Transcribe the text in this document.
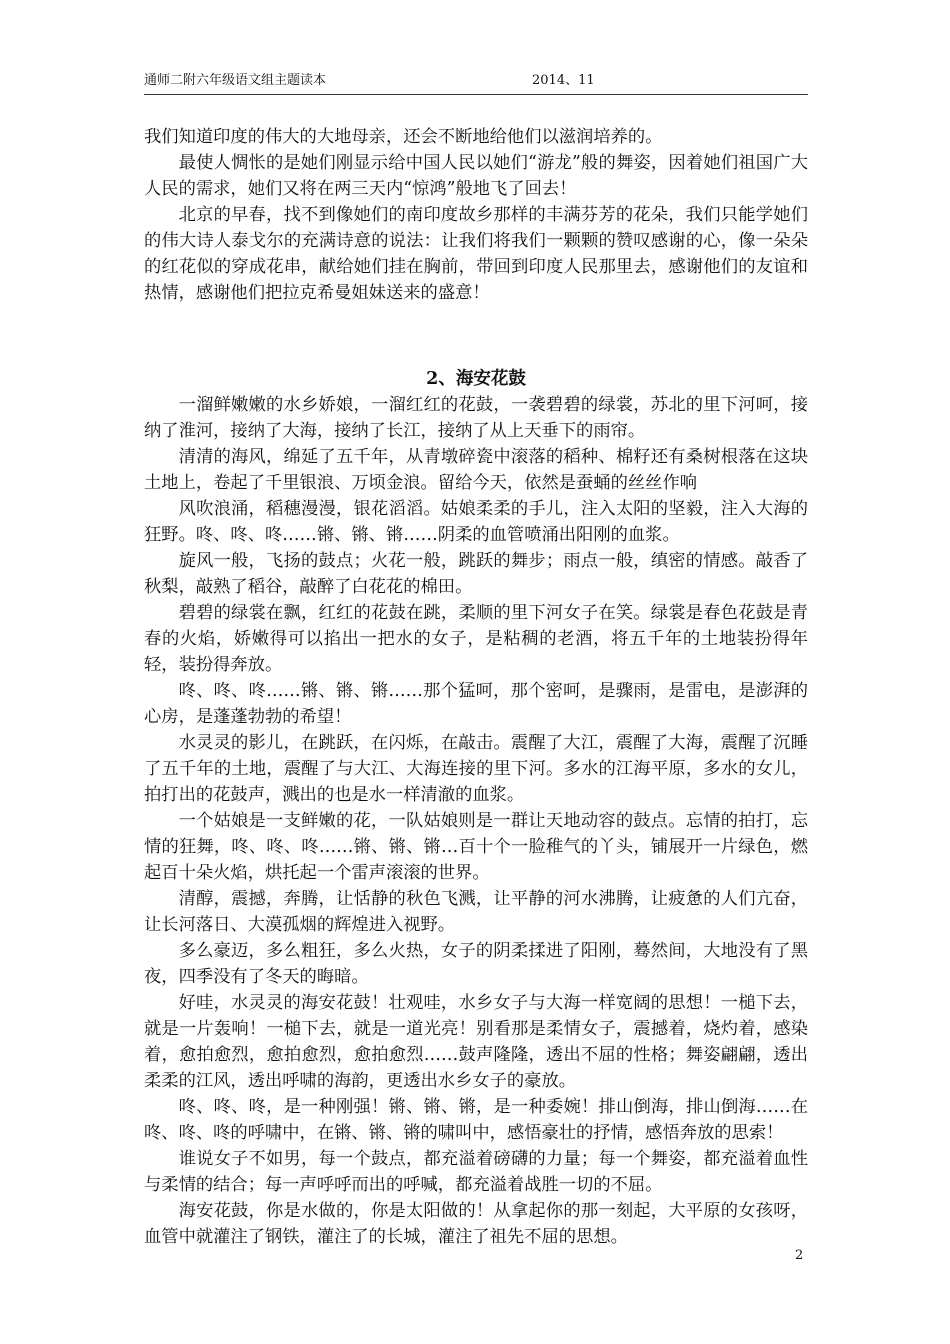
通师二附六年级语文组主题读本	2014、11

我们知道印度的伟大的大地母亲，还会不断地给他们以滋润培养的。

最使人惆怅的是她们刚显示给中国人民以她们“游龙”般的舞姿，因着她们祖国广大人民的需求，她们又将在两三天内“惊鸿”般地飞了回去！

北京的早春，找不到像她们的南印度故乡那样的丰满芬芳的花朵，我们只能学她们的伟大诗人泰戈尔的充满诗意的说法：让我们将我们一颗颗的赞叹感谢的心，像一朵朵的红花似的穿成花串，献给她们挂在胸前，带回到印度人民那里去，感谢他们的友谊和热情，感谢他们把拉克希曼姐妹送来的盛意！

2、海安花鼓

一溜鲜嫩嫩的水乡娇娘，一溜红红的花鼓，一袭碧碧的绿裳，苏北的里下河呵，接纳了淮河，接纳了大海，接纳了长江，接纳了从上天垂下的雨帘。

清清的海风，绵延了五千年，从青墩碎瓷中滚落的稻种、棉籽还有桑树根落在这块土地上，卷起了千里银浪、万顷金浪。留给今天，依然是蚕蛹的丝丝作响

风吹浪涌，稻穗漫漫，银花滔滔。姑娘柔柔的手儿，注入太阳的坚毅，注入大海的狂野。咚、咚、咚……锵、锵、锵……阴柔的血管喷涌出阳刚的血浆。

旋风一般，飞扬的鼓点；火花一般，跳跃的舞步；雨点一般，缜密的情感。敲香了秋梨，敲熟了稻谷，敲醉了白花花的棉田。

碧碧的绿裳在飘，红红的花鼓在跳，柔顺的里下河女子在笑。绿裳是春色花鼓是青春的火焰，娇嫩得可以掐出一把水的女子，是粘稠的老酒，将五千年的土地装扮得年轻，装扮得奔放。

咚、咚、咚……锵、锵、锵……那个猛呵，那个密呵，是骤雨，是雷电，是澎湃的心房，是蓬蓬勃勃的希望！

水灵灵的影儿，在跳跃，在闪烁，在敲击。震醒了大江，震醒了大海，震醒了沉睡了五千年的土地，震醒了与大江、大海连接的里下河。多水的江海平原，多水的女儿，拍打出的花鼓声，溅出的也是水一样清澈的血浆。

一个姑娘是一支鲜嫩的花，一队姑娘则是一群让天地动容的鼓点。忘情的拍打，忘情的狂舞，咚、咚、咚……锵、锵、锵…百十个一脸稚气的丫头，铺展开一片绿色，燃起百十朵火焰，烘托起一个雷声滚滚的世界。

清醇，震撼，奔腾，让恬静的秋色飞溅，让平静的河水沸腾，让疲惫的人们亢奋，让长河落日、大漠孤烟的辉煌进入视野。

多么豪迈，多么粗狂，多么火热，女子的阴柔揉进了阳刚，蓦然间，大地没有了黑夜，四季没有了冬天的晦暗。

好哇，水灵灵的海安花鼓！壮观哇，水乡女子与大海一样宽阔的思想！一槌下去，就是一片轰响！一槌下去，就是一道光亮！别看那是柔情女子，震撼着，烧灼着，感染着，愈拍愈烈，愈拍愈烈，愈拍愈烈……鼓声隆隆，透出不屈的性格；舞姿翩翩，透出柔柔的江风，透出呼啸的海韵，更透出水乡女子的豪放。

咚、咚、咚，是一种刚强！锵、锵、锵，是一种委婉！排山倒海，排山倒海……在咚、咚、咚的呼啸中，在锵、锵、锵的啸叫中，感悟豪壮的抒情，感悟奔放的思索！

谁说女子不如男，每一个鼓点，都充溢着磅礴的力量；每一个舞姿，都充溢着血性与柔情的结合；每一声呼呼而出的呼喊，都充溢着战胜一切的不屈。

海安花鼓，你是水做的，你是太阳做的！从拿起你的那一刻起，大平原的女孩呀，血管中就灌注了钢铁，灌注了的长城，灌注了祖先不屈的思想。

2
